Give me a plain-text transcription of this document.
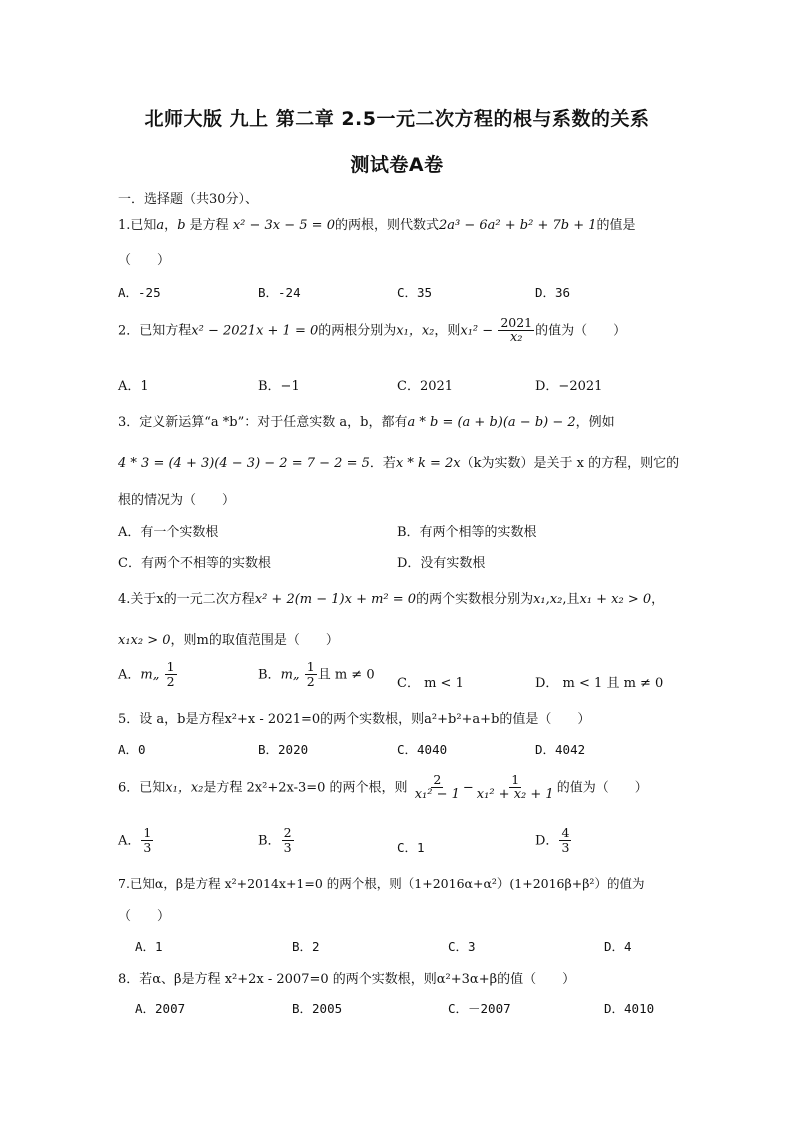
北师大版 九上 第二章 2.5一元二次方程的根与系数的关系
测试卷A卷
一．选择题（共30分）、
1.已知a，b 是方程 x² − 3x − 5 = 0的两根，则代数式2a³ − 6a² + b² + 7b + 1的值是
（　　）
A．-25	B．-24	C．35	D．36
2．已知方程x² − 2021x + 1 = 0的两根分别为x₁，x₂，则$x_1^2 - \frac{2021}{\text{x₂}}$ 的值为（　　）
A．1	B．−1	C．2021	D．−2021
3．定义新运算“a *b”：对于任意实数 a，b，都有a * b = (a + b)(a − b) − 2，例如
4 * 3 = (4 + 3)(4 − 3) − 2 = 7 − 2 = 5．若x * k = 2x（k为实数）是关于 x 的方程，则它的
根的情况为（　　）
A．有一个实数根	B．有两个相等的实数根
C．有两个不相等的实数根	D．没有实数根
4.关于x的一元二次方程x² + 2(m − 1)x + m² = 0的两个实数根分别为x₁,x₂,且x₁ + x₂ > 0，
x₁x₂ > 0，则m的取值范围是（　　）
A．m„ $\frac{1}{2}$	B．m„ $\frac{1}{2}$ 且 m ≠ 0
C． m < 1	D． m < 1 且 m ≠ 0
5．设 a，b是方程x²+x - 2021=0的两个实数根，则a²+b²+a+b的值是（　　）
A．0	B．2020	C．4040	D．4042
6．已知x₁，x₂是方程 2x²+2x-3=0 的两个根，则 $\frac{2}{\text{x₁² − 1}} - \frac{1}{\text{x₁² + x₂ + 1}}$ 的值为（　　）
A． $\frac{1}{3}$	B． $\frac{2}{3}$	C．1	D． $\frac{4}{3}$
7.已知α，β是方程 x²+2014x+1=0 的两个根，则（1+2016α+α²）(1+2016β+β²）的值为
（　　）
A．1	B．2	C．3	D．4
8．若α、β是方程 x²+2x - 2007=0 的两个实数根，则α²+3α+β的值（　　）
A．2007	B．2005	C．－2007	D．4010
